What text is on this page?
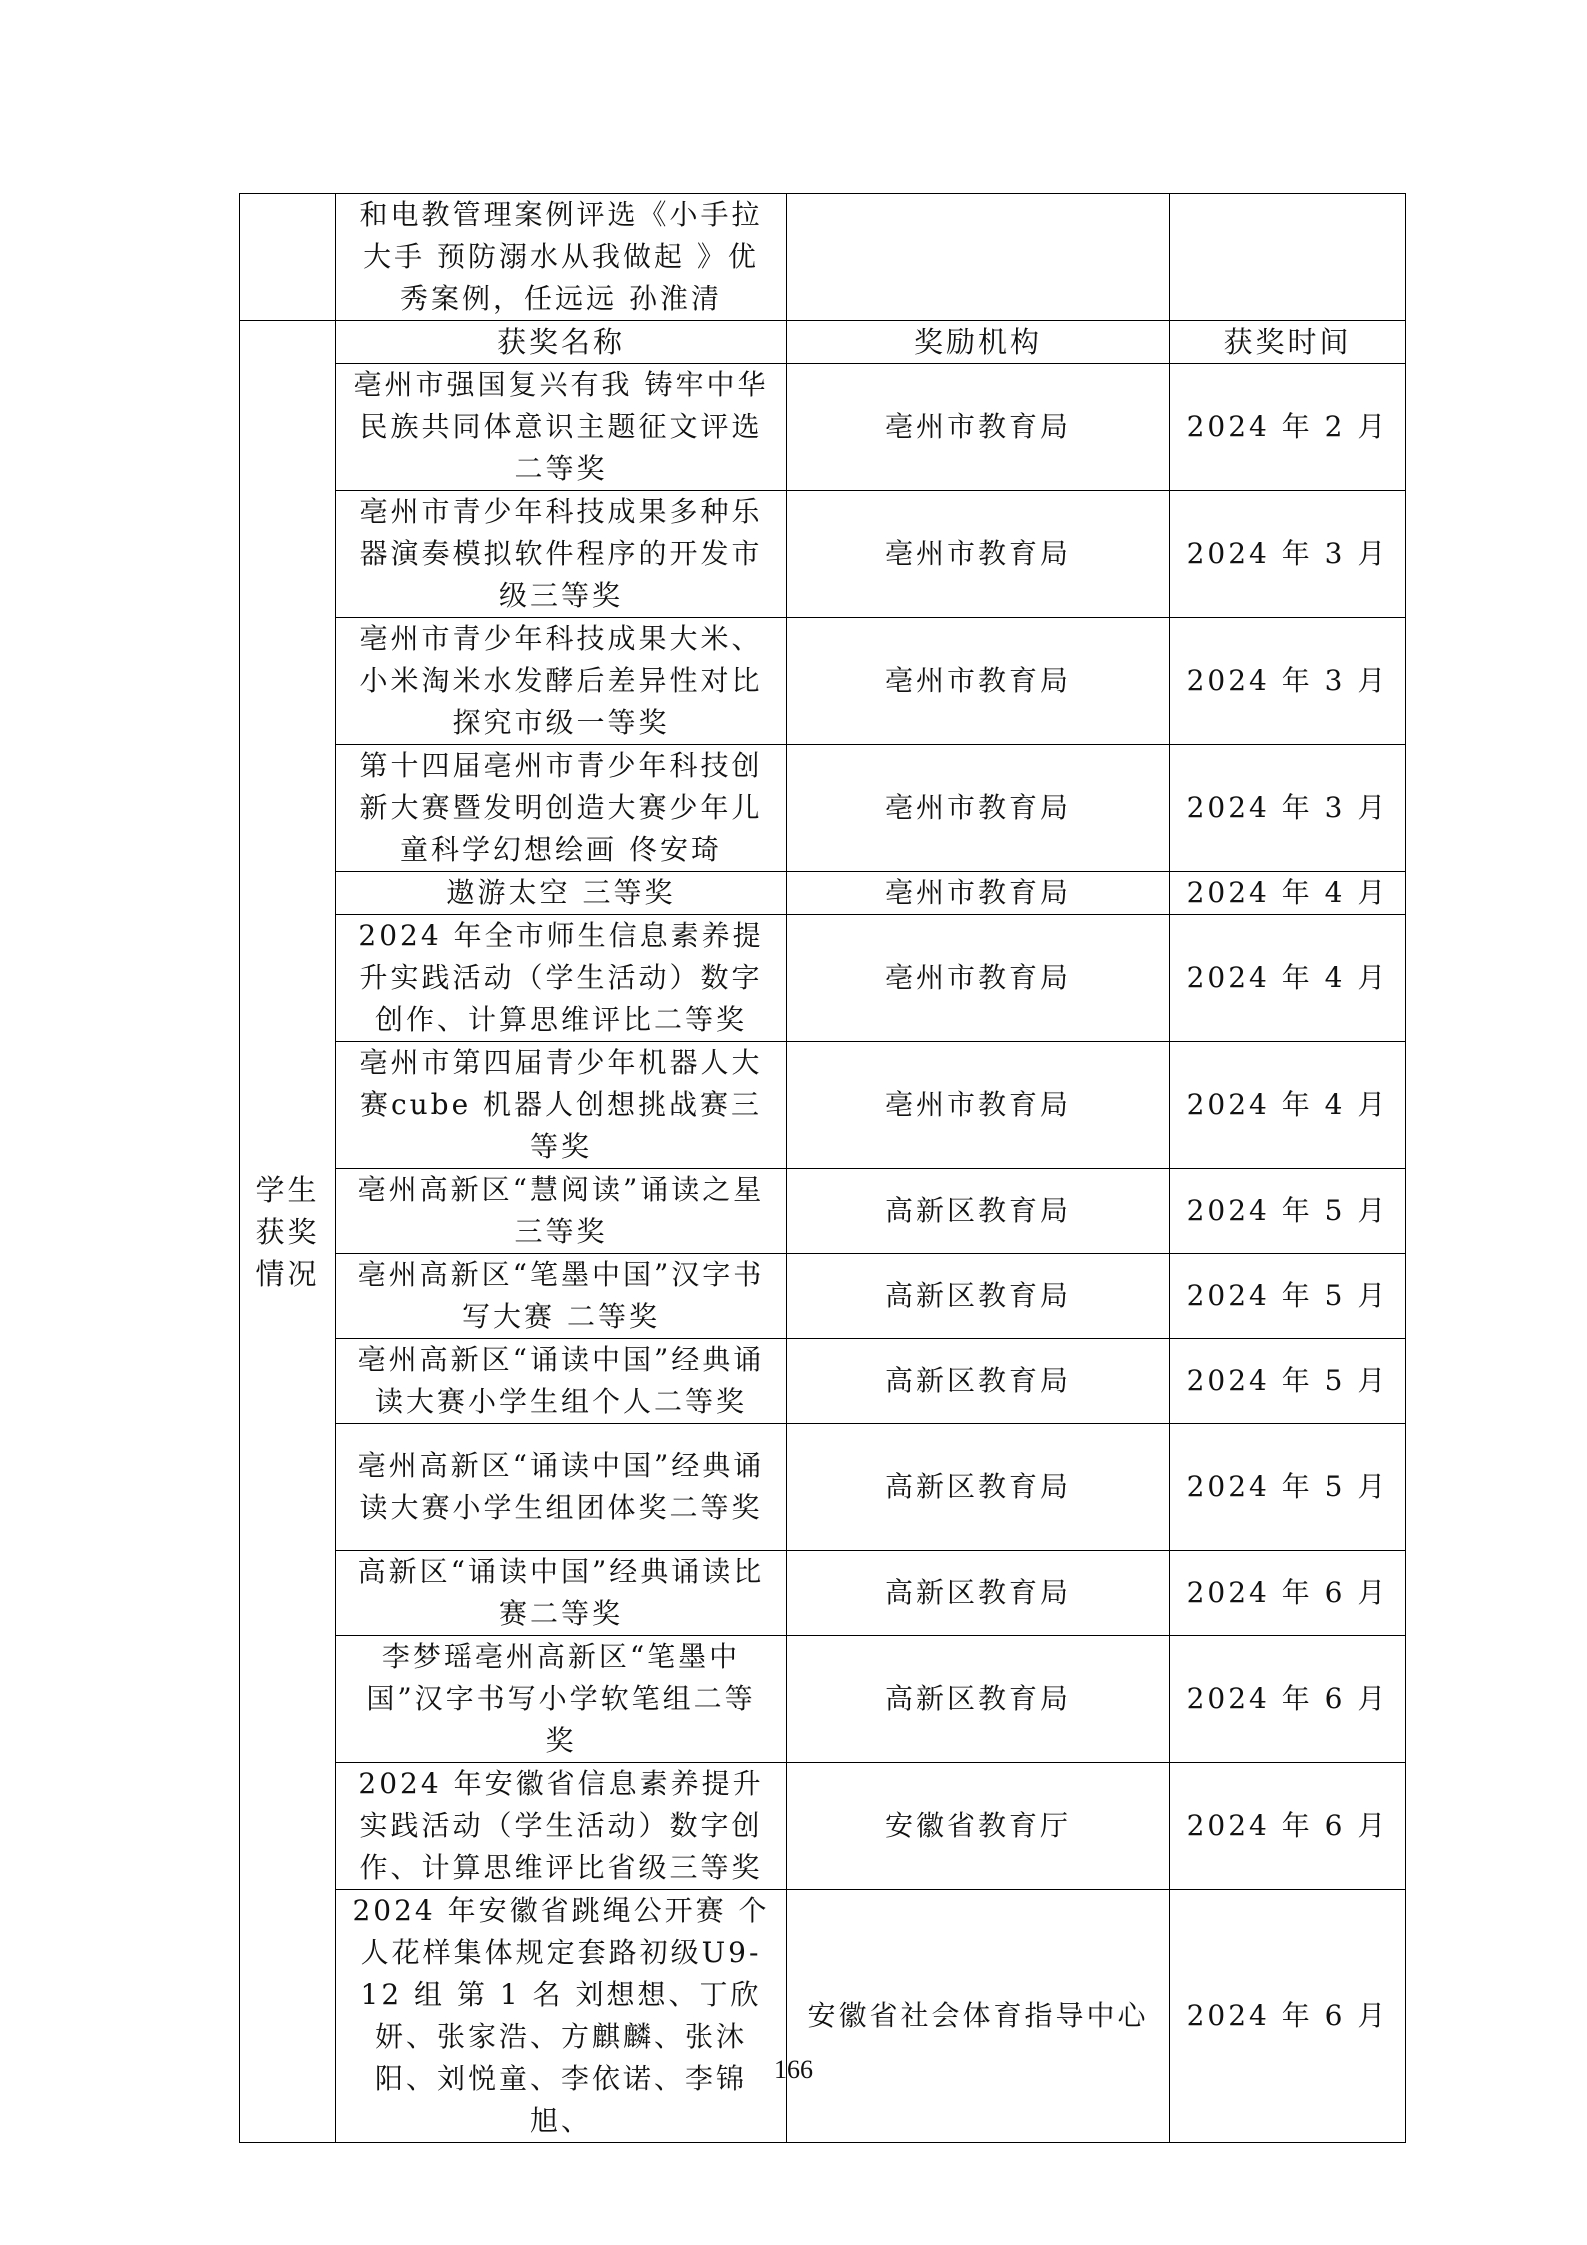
	和电教管理案例评选《小手拉大手 预防溺水从我做起 》优秀案例，任远远 孙淮清		
学生获奖情况	获奖名称	奖励机构	获奖时间
	亳州市强国复兴有我 铸牢中华民族共同体意识主题征文评选 二等奖	亳州市教育局	2024 年 2 月
	亳州市青少年科技成果多种乐器演奏模拟软件程序的开发市级三等奖	亳州市教育局	2024 年 3 月
	亳州市青少年科技成果大米、小米淘米水发酵后差异性对比探究市级一等奖	亳州市教育局	2024 年 3 月
	第十四届亳州市青少年科技创新大赛暨发明创造大赛少年儿童科学幻想绘画 佟安琦	亳州市教育局	2024 年 3 月
	遨游太空 三等奖	亳州市教育局	2024 年 4 月
	2024 年全市师生信息素养提升实践活动（学生活动）数字创作、计算思维评比二等奖	亳州市教育局	2024 年 4 月
	亳州市第四届青少年机器人大赛cube 机器人创想挑战赛三等奖	亳州市教育局	2024 年 4 月
	亳州高新区“慧阅读”诵读之星 三等奖	高新区教育局	2024 年 5 月
	亳州高新区“笔墨中国”汉字书写大赛 二等奖	高新区教育局	2024 年 5 月
	亳州高新区“诵读中国”经典诵读大赛小学生组个人二等奖	高新区教育局	2024 年 5 月
	亳州高新区“诵读中国”经典诵读大赛小学生组团体奖二等奖	高新区教育局	2024 年 5 月
	高新区“诵读中国”经典诵读比赛二等奖	高新区教育局	2024 年 6 月
	李梦瑶亳州高新区“笔墨中国”汉字书写小学软笔组二等奖	高新区教育局	2024 年 6 月
	2024 年安徽省信息素养提升实践活动（学生活动）数字创作、计算思维评比省级三等奖	安徽省教育厅	2024 年 6 月
	2024 年安徽省跳绳公开赛 个人花样集体规定套路初级U9-12 组 第 1 名 刘想想、丁欣妍、张家浩、方麒麟、张沐阳、刘悦童、李依诺、李锦旭、	安徽省社会体育指导中心	2024 年 6 月
166
